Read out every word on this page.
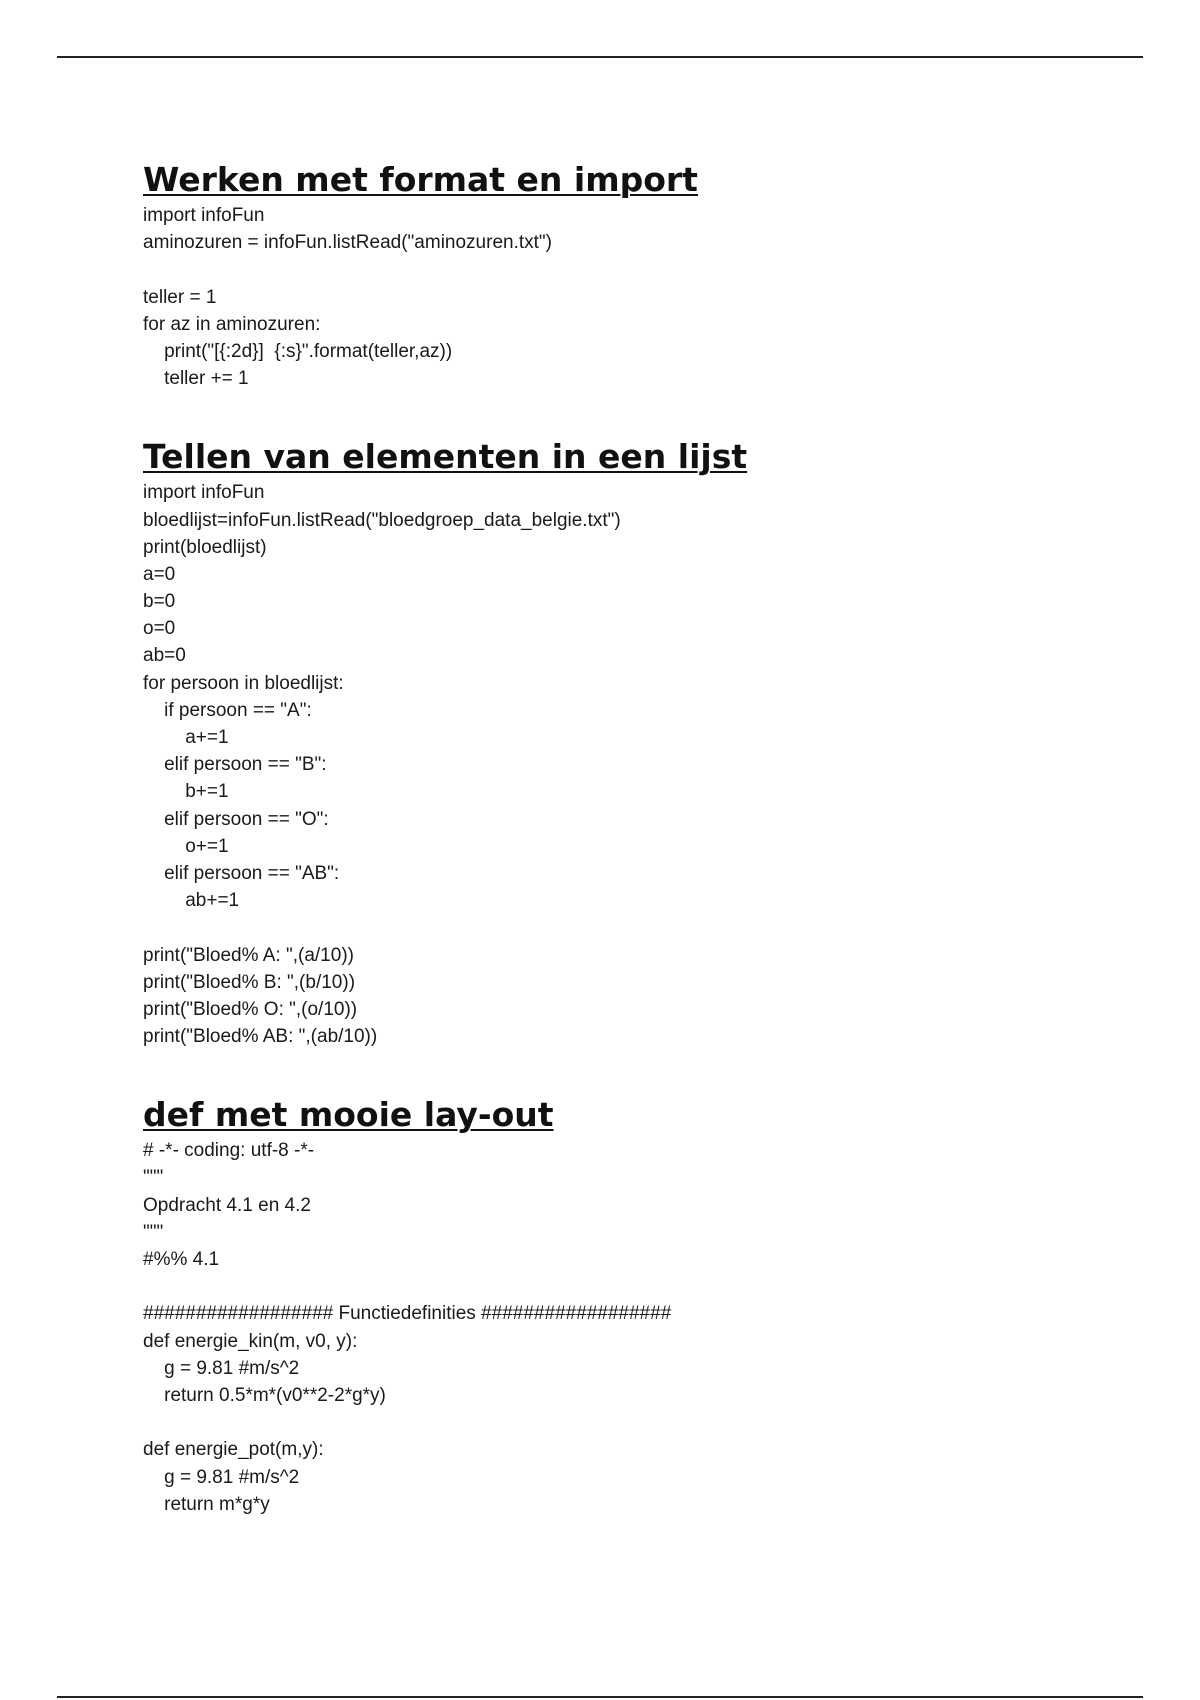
Werken met format en import
import infoFun
aminozuren = infoFun.listRead("aminozuren.txt")
teller = 1
for az in aminozuren:
print("[{:2d}]  {:s}".format(teller,az))
teller += 1
Tellen van elementen in een lijst
import infoFun
bloedlijst=infoFun.listRead("bloedgroep_data_belgie.txt")
print(bloedlijst)
a=0
b=0
o=0
ab=0
for persoon in bloedlijst:
if persoon == "A":
a+=1
elif persoon == "B":
b+=1
elif persoon == "O":
o+=1
elif persoon == "AB":
ab+=1
print("Bloed% A: ",(a/10))
print("Bloed% B: ",(b/10))
print("Bloed% O: ",(o/10))
print("Bloed% AB: ",(ab/10))
def met mooie lay-out
# -*- coding: utf-8 -*-
"""
Opdracht 4.1 en 4.2
"""
#%% 4.1
################## Functiedefinities ##################
def energie_kin(m, v0, y):
g = 9.81 #m/s^2
return 0.5*m*(v0**2-2*g*y)
def energie_pot(m,y):
g = 9.81 #m/s^2
return m*g*y
